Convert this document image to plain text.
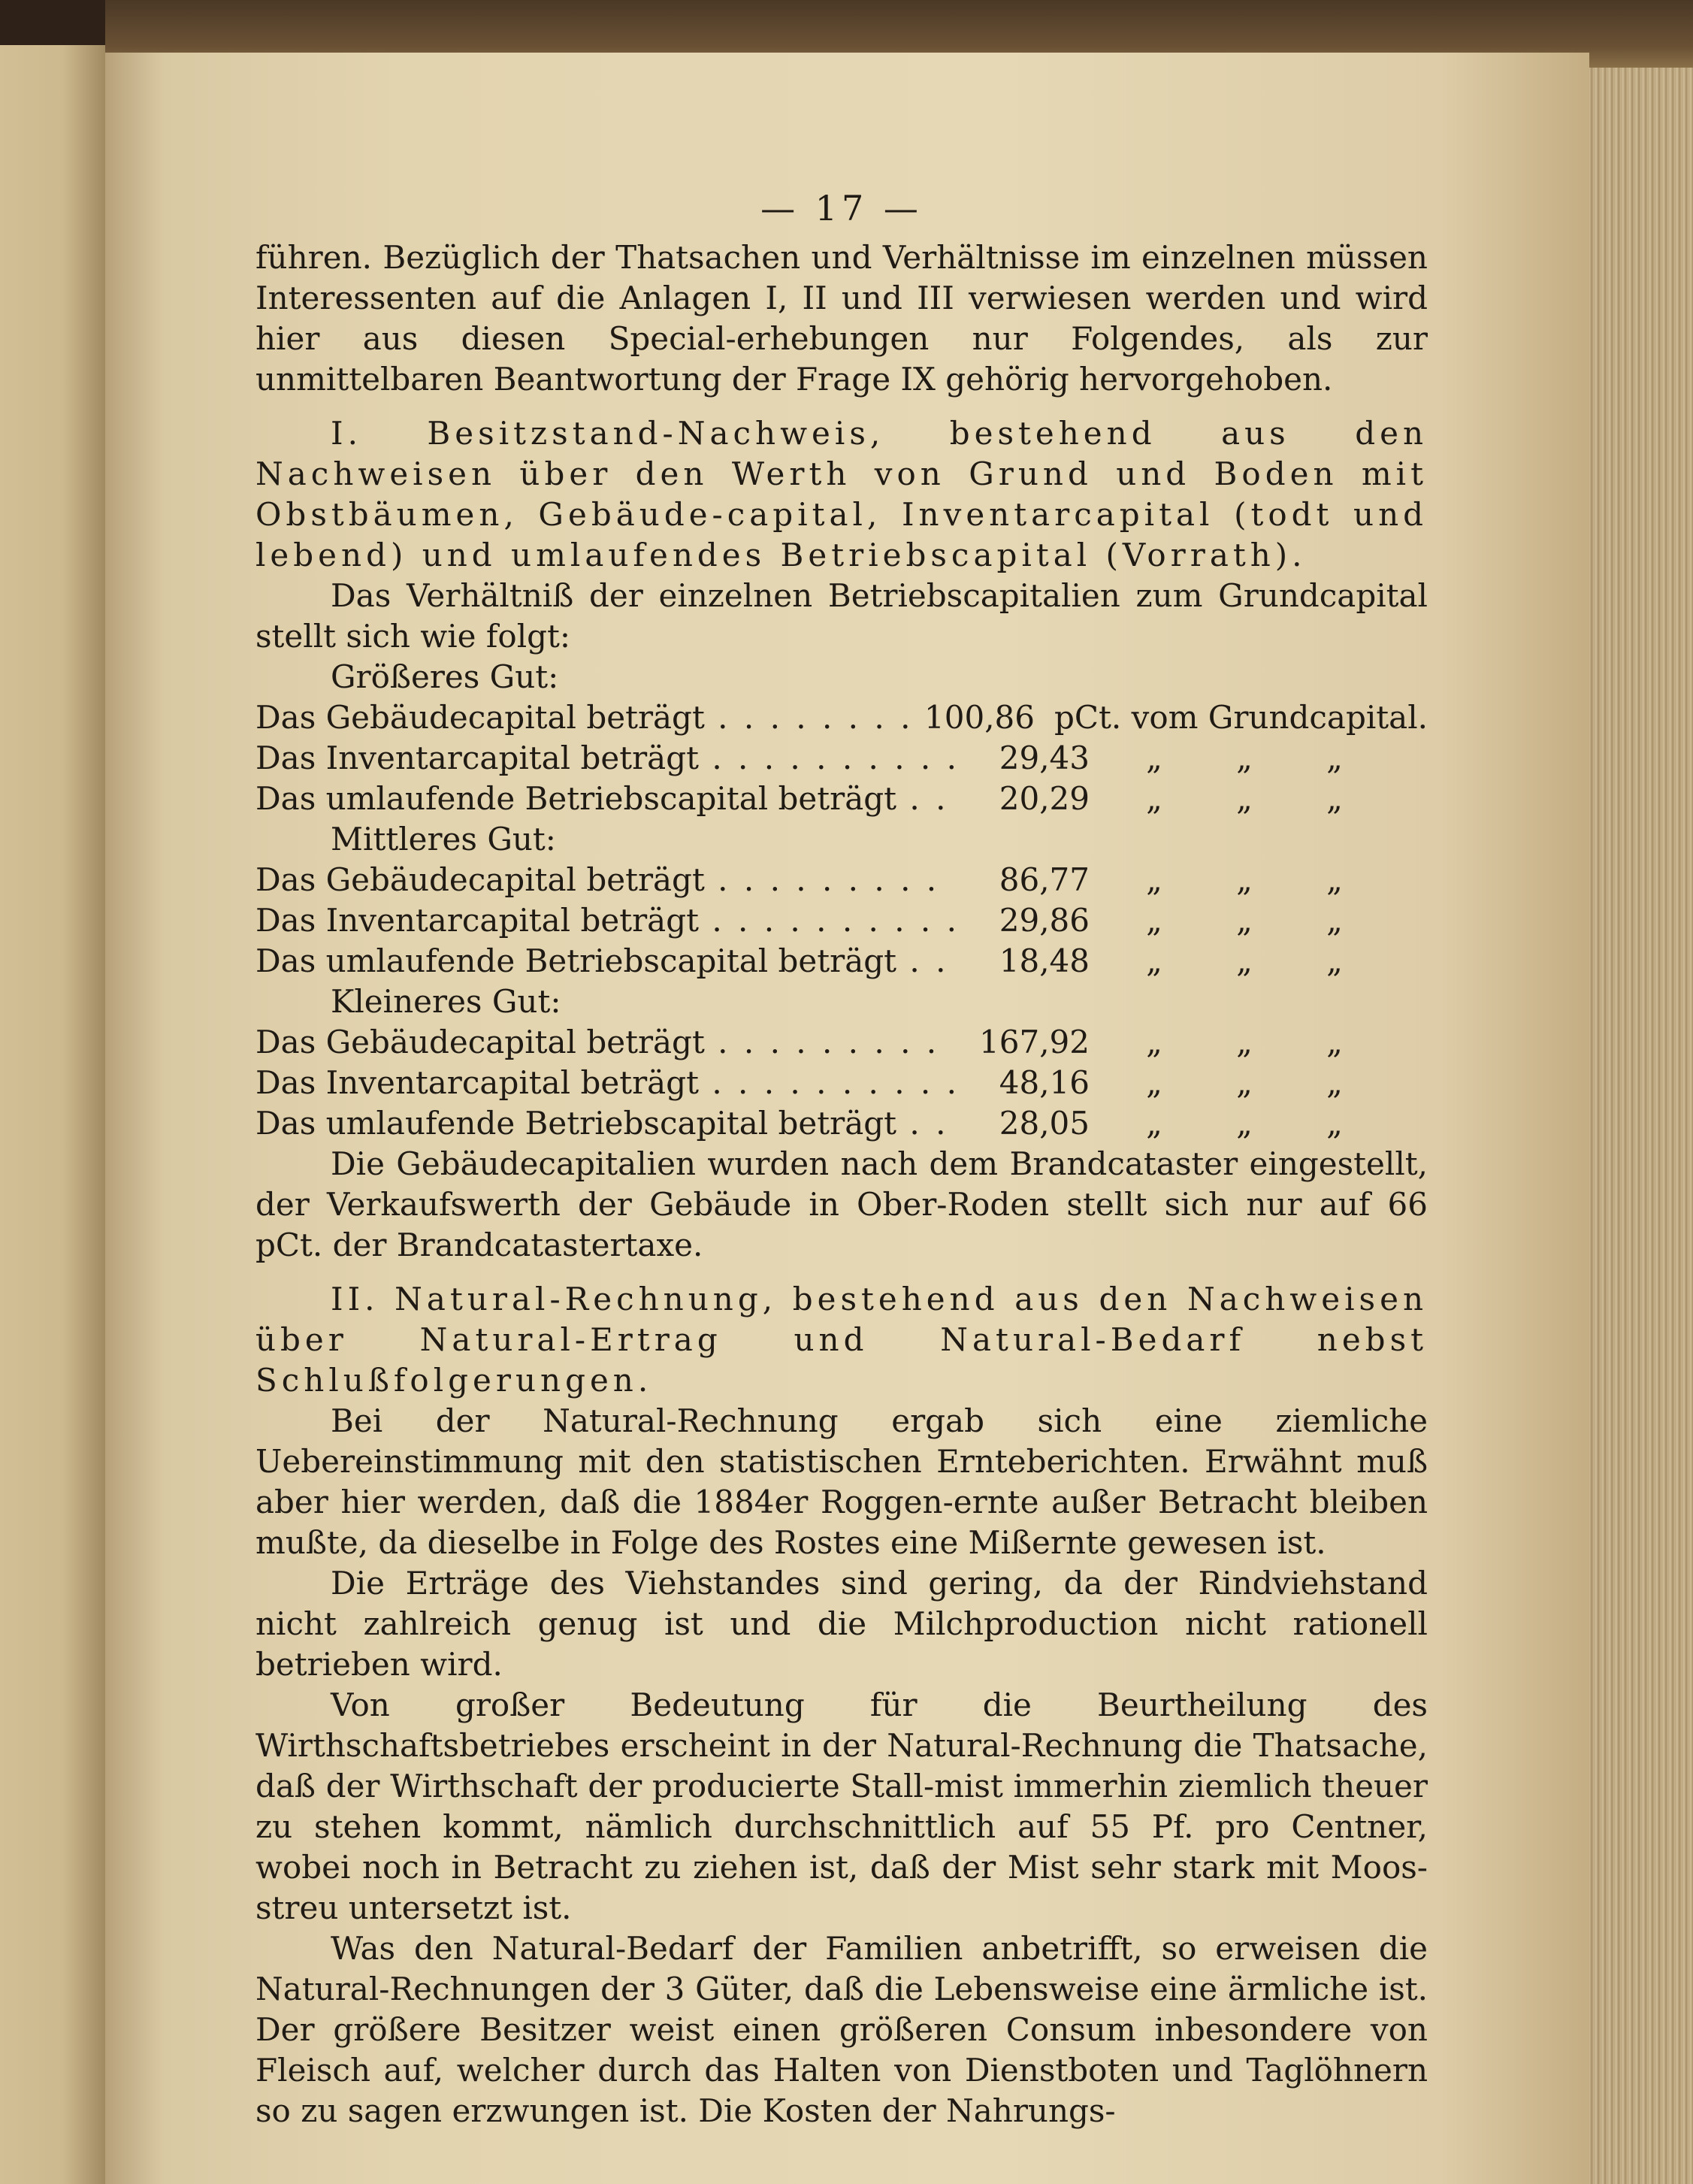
— 17 —

führen. Bezüglich der Thatsachen und Verhältnisse im einzelnen müssen Interessenten auf die Anlagen I, II und III verwiesen werden und wird hier aus diesen Special-erhebungen nur Folgendes, als zur unmittelbaren Beantwortung der Frage IX gehörig hervorgehoben.

I. Besitzstand-Nachweis, bestehend aus den Nachweisen über den Werth von Grund und Boden mit Obstbäumen, Gebäude-capital, Inventarcapital (todt und lebend) und umlaufendes Betriebscapital (Vorrath).

Das Verhältniß der einzelnen Betriebscapitalien zum Grundcapital stellt sich wie folgt:

Größeres Gut:
Das Gebäudecapital beträgt . . .	100,86 pCt. vom Grundcapital.
Das Inventarcapital beträgt . . .	29,43	„ „ „
Das umlaufende Betriebscapital beträgt . . .	20,29	„ „ „
Mittleres Gut:
Das Gebäudecapital beträgt . . .	86,77	„ „ „
Das Inventarcapital beträgt . . .	29,86	„ „ „
Das umlaufende Betriebscapital beträgt . . .	18,48	„ „ „
Kleineres Gut:
Das Gebäudecapital beträgt . . .	167,92	„ „ „
Das Inventarcapital beträgt . . .	48,16	„ „ „
Das umlaufende Betriebscapital beträgt . . .	28,05	„ „ „

Die Gebäudecapitalien wurden nach dem Brandcataster eingestellt, der Verkaufswerth der Gebäude in Ober-Roden stellt sich nur auf 66 pCt. der Brandcatastertaxe.

II. Natural-Rechnung, bestehend aus den Nachweisen über Natural-Ertrag und Natural-Bedarf nebst Schlußfolgerungen.

Bei der Natural-Rechnung ergab sich eine ziemliche Uebereinstimmung mit den statistischen Ernteberichten. Erwähnt muß aber hier werden, daß die 1884er Roggen-ernte außer Betracht bleiben mußte, da dieselbe in Folge des Rostes eine Mißernte gewesen ist.

Die Erträge des Viehstandes sind gering, da der Rindviehstand nicht zahlreich genug ist und die Milchproduction nicht rationell betrieben wird.

Von großer Bedeutung für die Beurtheilung des Wirthschaftsbetriebes erscheint in der Natural-Rechnung die Thatsache, daß der Wirthschaft der producierte Stall-mist immerhin ziemlich theuer zu stehen kommt, nämlich durchschnittlich auf 55 Pf. pro Centner, wobei noch in Betracht zu ziehen ist, daß der Mist sehr stark mit Moos-streu untersetzt ist.

Was den Natural-Bedarf der Familien anbetrifft, so erweisen die Natural-Rechnungen der 3 Güter, daß die Lebensweise eine ärmliche ist. Der größere Besitzer weist einen größeren Consum inbesondere von Fleisch auf, welcher durch das Halten von Dienstboten und Taglöhnern so zu sagen erzwungen ist. Die Kosten der Nahrungs-
